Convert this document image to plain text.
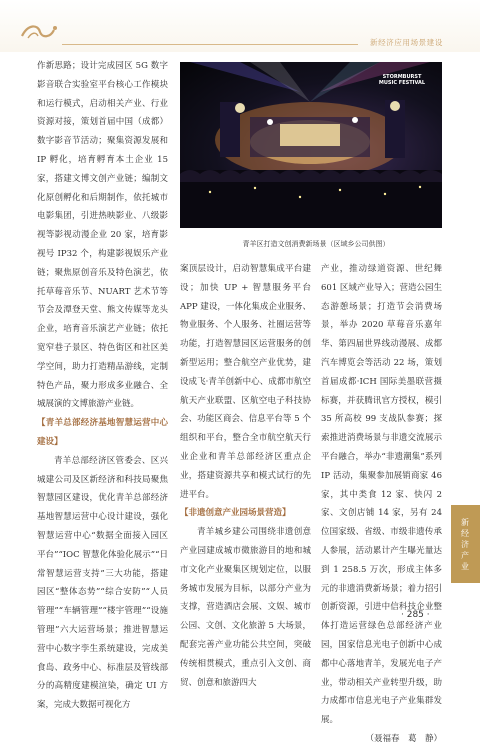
新经济应用场景建设
STORMBURST MUSIC FESTIVAL
青羊区打造文创消费新场景（区域乡公司供图）

作新思路；设计完成园区 5G 数字影音联合实验室平台核心工作模块和运行模式，启动相关产业、行业资源对接，策划首届中国（成都）数字影音节活动；聚集资源发展和 IP 孵化，培育孵育本土企业 15 家，搭建文博文创产业链；编制文化原创孵化和后期制作，依托城市电影集团，引进热映影业、八级影视等影视动漫企业 20 家，培育影视号 IP32 个，构建影视娱乐产业链；聚焦原创音乐及特色演艺，依托草莓音乐节、NUART 艺术节等节会及潭登天堂、熊文传媒等龙头企业，培育音乐演艺产业链；依托宽窄巷子景区、特色街区和社区美学空间，助力打造精品游线，定制特色产品，聚力形成多业融合、全城展演的文博旅游产业链。

【青羊总部经济基地智慧运营中心建设】

青羊总部经济区管委会、区兴城建公司及区新经济和科技局聚焦智慧园区建设，优化青羊总部经济基地智慧运营中心设计建设，强化智慧运营中心“数据全面接入园区平台”“IOC 智慧化体验化展示”“日常智慧运营支持”三大功能，搭建园区“整体态势”“综合安防”“人员管理”“车辆管理”“楼宇管理”“设施管理”六大运营场景；推进智慧运营中心数字孪生系统建设，完成美食岛、政务中心、标准层及管线部分的高精度建模渲染，确定 UI 方案，完成大数据可视化方

案顶层设计，启动智慧集成平台建设；加快 UP + 智慧服务平台 APP 建设，一体化集成企业服务、物业服务、个人服务、社圈运营等功能，打造智慧园区运营服务的创新型运用；整合航空产业优势，建设成飞·青羊创新中心、成都市航空航天产业联盟、区航空电子科技协会、功能区商会、信息平台等 5 个组织和平台，整合全市航空航天行业企业和青羊总部经济区重点企业，搭建资源共享和模式试行的先进平台。

【非遗创意产业园场景营造】

青羊城乡建公司围绕非遗创意产业园建成城市微旅游目的地和城市文化产业聚集区规划定位，以服务城市发展为目标，以部分产业为支撑，营造酒店会展、文娱、城市公园、文创、文化旅游 5 大场景，配套完善产业功能公共空间，突破传统相贯模式，重点引入文创、商贸、创意和旅游四大

产业，推动绿道资源、世纪舞 601 区域产业导入；营造公园生态游憩场景；打造节会消费场景，举办 2020 草莓音乐嘉年华、第四届世界线动漫展、成都汽车博览会等活动 22 场，策划首届成都·ICH 国际美墨联营摄标赛，并获腾讯官方授权，模引 35 所高校 99 支战队参赛；探索推进消费场景与非遗交流展示平台融合，举办“非遗潮集”系列 IP 活动，集聚参加展销商家 46 家，其中类食 12 家、快闪 2 家、文创店铺 14 家，另有 24 位国家级、省级、市级非遗传承人参展，活动累计产生曝光量达到 1 258.5 万次，形成主体多元的非遗消费新场景；着力招引创新资源，引进中信科技企业整体打造运营绿色总部经济产业园，国家信息光电子创新中心成都中心落地青羊，发展光电子产业，带动相关产业转型升级，助力成都市信息光电子产业集群发展。

（聂福春　葛　静）

新经济产业
· 285 ·
